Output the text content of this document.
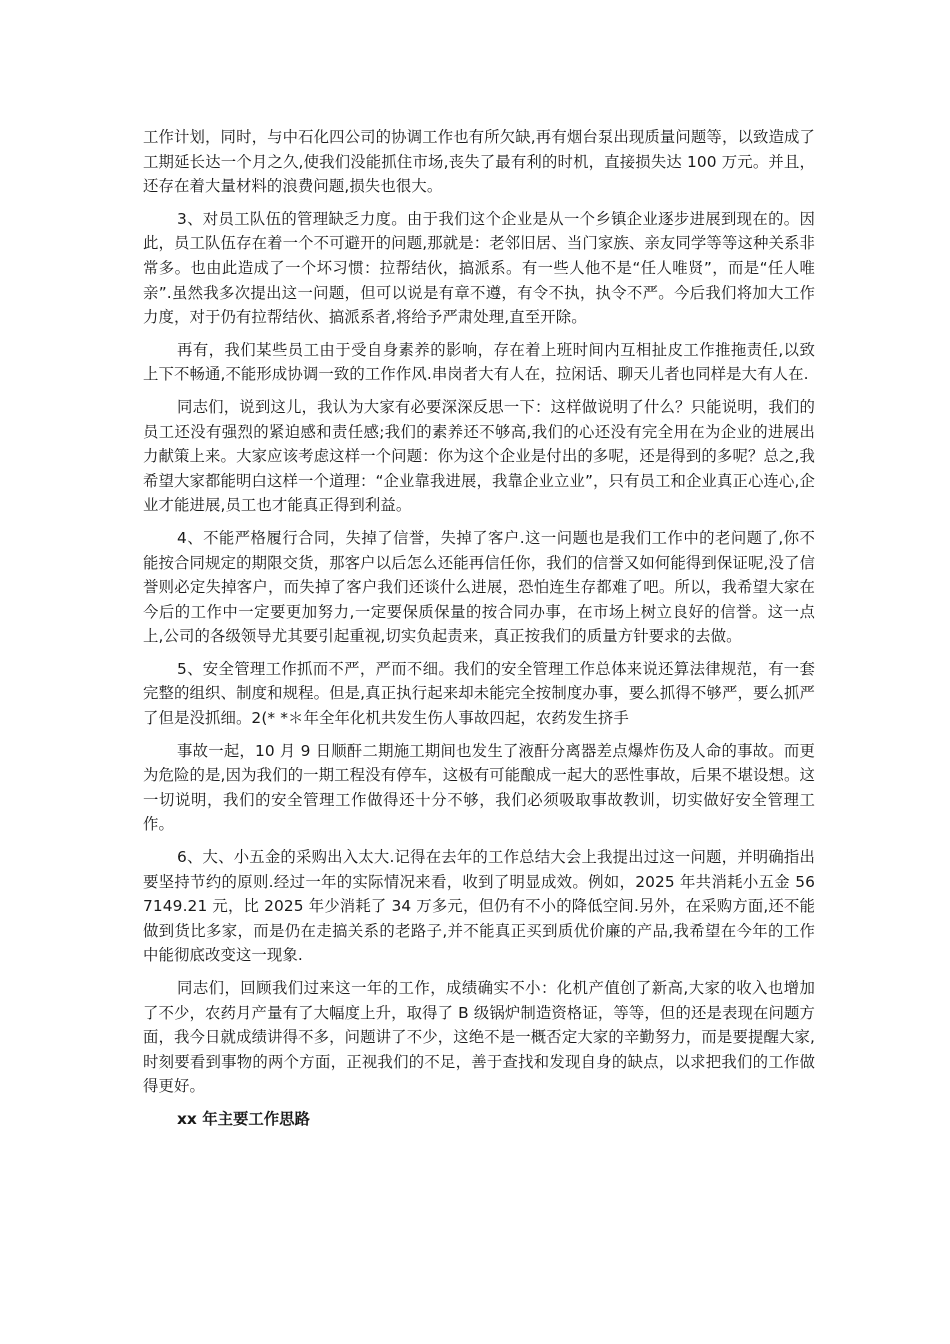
工作计划，同时，与中石化四公司的协调工作也有所欠缺,再有烟台泵出现质量问题等，以致造成了工期延长达一个月之久,使我们没能抓住市场,丧失了最有利的时机，直接损失达 100 万元。并且，还存在着大量材料的浪费问题,损失也很大。

3、对员工队伍的管理缺乏力度。由于我们这个企业是从一个乡镇企业逐步进展到现在的。因此，员工队伍存在着一个不可避开的问题,那就是：老邻旧居、当门家族、亲友同学等等这种关系非常多。也由此造成了一个坏习惯：拉帮结伙，搞派系。有一些人他不是“任人唯贤”，而是“任人唯亲”.虽然我多次提出这一问题，但可以说是有章不遵，有令不执，执令不严。今后我们将加大工作力度，对于仍有拉帮结伙、搞派系者,将给予严肃处理,直至开除。

再有，我们某些员工由于受自身素养的影响，存在着上班时间内互相扯皮工作推拖责任,以致上下不畅通,不能形成协调一致的工作作风.串岗者大有人在，拉闲话、聊天儿者也同样是大有人在.

同志们，说到这儿，我认为大家有必要深深反思一下：这样做说明了什么？只能说明，我们的员工还没有强烈的紧迫感和责任感;我们的素养还不够高,我们的心还没有完全用在为企业的进展出力献策上来。大家应该考虑这样一个问题：你为这个企业是付出的多呢，还是得到的多呢？总之,我希望大家都能明白这样一个道理：“企业靠我进展，我靠企业立业”，只有员工和企业真正心连心,企业才能进展,员工也才能真正得到利益。

4、不能严格履行合同，失掉了信誉，失掉了客户.这一问题也是我们工作中的老问题了,你不能按合同规定的期限交货，那客户以后怎么还能再信任你，我们的信誉又如何能得到保证呢,没了信誉则必定失掉客户，而失掉了客户我们还谈什么进展，恐怕连生存都难了吧。所以，我希望大家在今后的工作中一定要更加努力,一定要保质保量的按合同办事，在市场上树立良好的信誉。这一点上,公司的各级领导尤其要引起重视,切实负起责来，真正按我们的质量方针要求的去做。

5、安全管理工作抓而不严，严而不细。我们的安全管理工作总体来说还算法律规范，有一套完整的组织、制度和规程。但是,真正执行起来却未能完全按制度办事，要么抓得不够严，要么抓严了但是没抓细。2(* *＊年全年化机共发生伤人事故四起，农药发生挤手

事故一起，10 月 9 日顺酐二期施工期间也发生了液酐分离器差点爆炸伤及人命的事故。而更为危险的是,因为我们的一期工程没有停车，这极有可能酿成一起大的恶性事故，后果不堪设想。这一切说明，我们的安全管理工作做得还十分不够，我们必须吸取事故教训，切实做好安全管理工作。

6、大、小五金的采购出入太大.记得在去年的工作总结大会上我提出过这一问题，并明确指出要坚持节约的原则.经过一年的实际情况来看，收到了明显成效。例如，2025 年共消耗小五金 567149.21 元，比 2025 年少消耗了 34 万多元，但仍有不小的降低空间.另外，在采购方面,还不能做到货比多家，而是仍在走搞关系的老路子,并不能真正买到质优价廉的产品,我希望在今年的工作中能彻底改变这一现象.

同志们，回顾我们过来这一年的工作，成绩确实不小：化机产值创了新高,大家的收入也增加了不少，农药月产量有了大幅度上升，取得了 B 级锅炉制造资格证，等等，但的还是表现在问题方面，我今日就成绩讲得不多，问题讲了不少，这绝不是一概否定大家的辛勤努力，而是要提醒大家,时刻要看到事物的两个方面，正视我们的不足，善于查找和发现自身的缺点，以求把我们的工作做得更好。

xx 年主要工作思路
